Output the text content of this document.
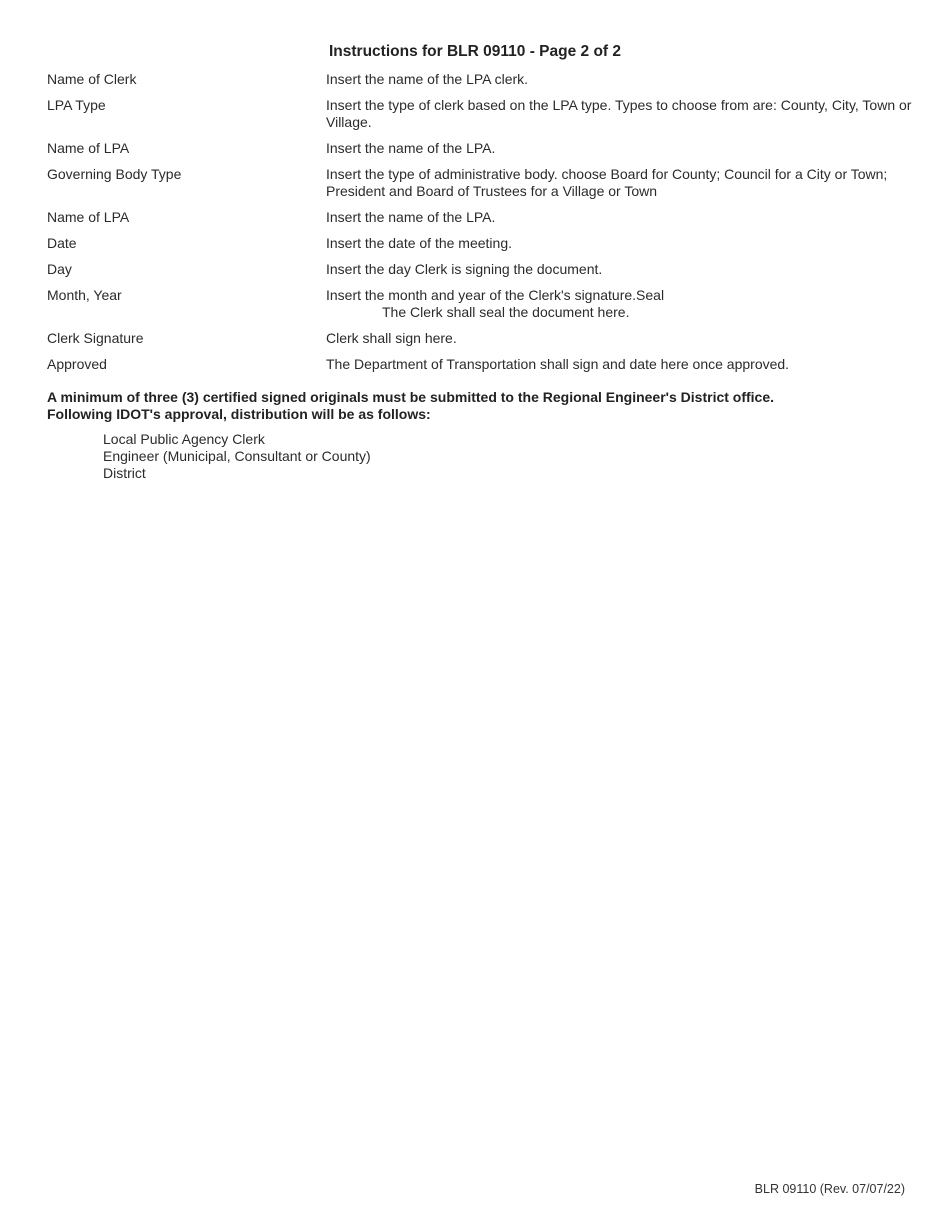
Instructions for BLR 09110 - Page 2 of 2
Name of Clerk	Insert the name of the LPA clerk.
LPA Type	Insert the type of clerk based on the LPA type. Types to choose from are: County, City, Town or Village.
Name of LPA	Insert the name of the LPA.
Governing Body Type	Insert the type of administrative body. choose Board for County; Council for a City or Town; President and Board of Trustees for a Village or Town
Name of LPA	Insert the name of the LPA.
Date	Insert the date of the meeting.
Day	Insert the day Clerk is signing the document.
Month, Year	Insert the month and year of the Clerk's signature.Seal
The Clerk shall seal the document here.
Clerk Signature	Clerk shall sign here.
Approved	The Department of Transportation shall sign and date here once approved.
A minimum of three (3) certified signed originals must be submitted to the Regional Engineer's District office.
Following IDOT's approval, distribution will be as follows:
Local Public Agency Clerk
Engineer (Municipal, Consultant or County)
District
BLR 09110 (Rev. 07/07/22)
